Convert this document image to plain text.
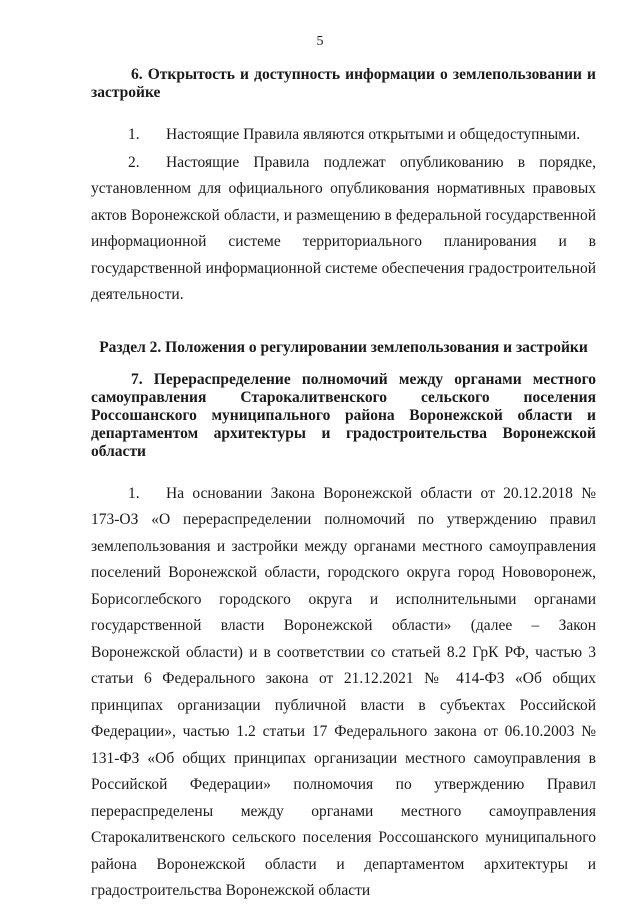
5
6. Открытость и доступность информации о землепользовании и застройке
1. Настоящие Правила являются открытыми и общедоступными.
2. Настоящие Правила подлежат опубликованию в порядке, установленном для официального опубликования нормативных правовых актов Воронежской области, и размещению в федеральной государственной информационной системе территориального планирования и в государственной информационной системе обеспечения градостроительной деятельности.
Раздел 2. Положения о регулировании землепользования и застройки
7. Перераспределение полномочий между органами местного самоуправления Старокалитвенского сельского поселения Россошанского муниципального района Воронежской области и департаментом архитектуры и градостроительства Воронежской области
1. На основании Закона Воронежской области от 20.12.2018 № 173-ОЗ «О перераспределении полномочий по утверждению правил землепользования и застройки между органами местного самоуправления поселений Воронежской области, городского округа город Нововоронеж, Борисоглебского городского округа и исполнительными органами государственной власти Воронежской области» (далее – Закон Воронежской области) и в соответствии со статьей 8.2 ГрК РФ, частью 3 статьи 6 Федерального закона от 21.12.2021 № 414-ФЗ «Об общих принципах организации публичной власти в субъектах Российской Федерации», частью 1.2 статьи 17 Федерального закона от 06.10.2003 № 131-ФЗ «Об общих принципах организации местного самоуправления в Российской Федерации» полномочия по утверждению Правил перераспределены между органами местного самоуправления Старокалитвенского сельского поселения Россошанского муниципального района Воронежской области и департаментом архитектуры и градостроительства Воронежской области
